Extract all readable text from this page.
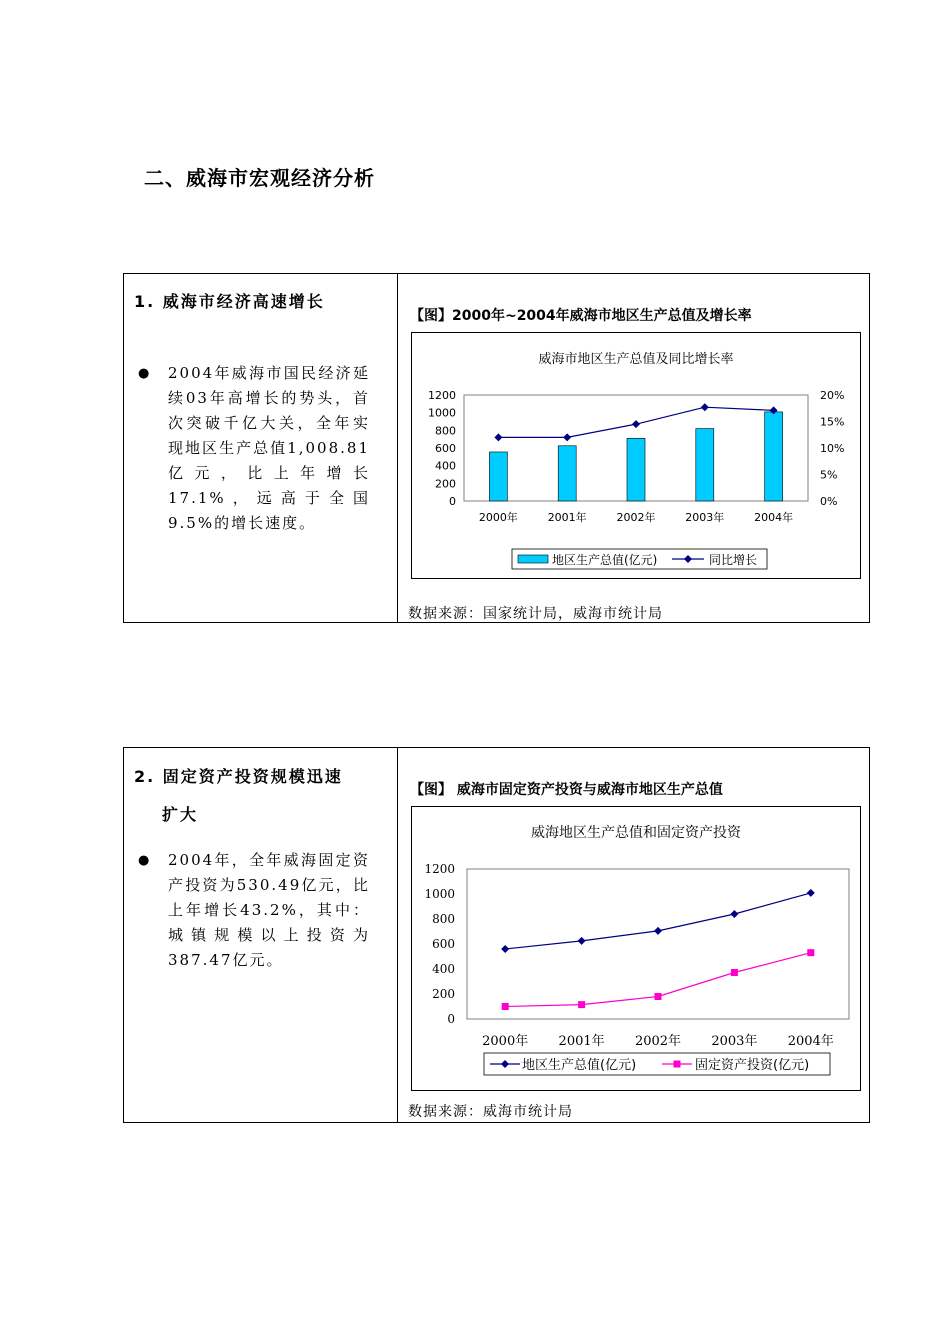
二、威海市宏观经济分析
1. 威海市经济高速增长
● 2004年威海市国民经济延续03年高增长的势头，首次突破千亿大关，全年实现地区生产总值1,008.81亿元，比上年增长17.1%，远高于全国9.5%的增长速度。
【图】2000年~2004年威海市地区生产总值及增长率
威海市地区生产总值及同比增长率
0
200
400
600
800
1000
1200
0%
5%
10%
15%
20%
2000年	2001年	2002年	2003年	2004年
地区生产总值(亿元)	同比增长
数据来源：国家统计局，威海市统计局
2. 固定资产投资规模迅速
扩大
● 2004年，全年威海固定资产投资为530.49亿元，比上年增长43.2%，其中：城镇规模以上投资为387.47亿元。
【图】 威海市固定资产投资与威海市地区生产总值
威海地区生产总值和固定资产投资
0
200
400
600
800
1000
1200
2000年 2001年 2002年 2003年 2004年
地区生产总值(亿元)	固定资产投资(亿元)
数据来源：威海市统计局
